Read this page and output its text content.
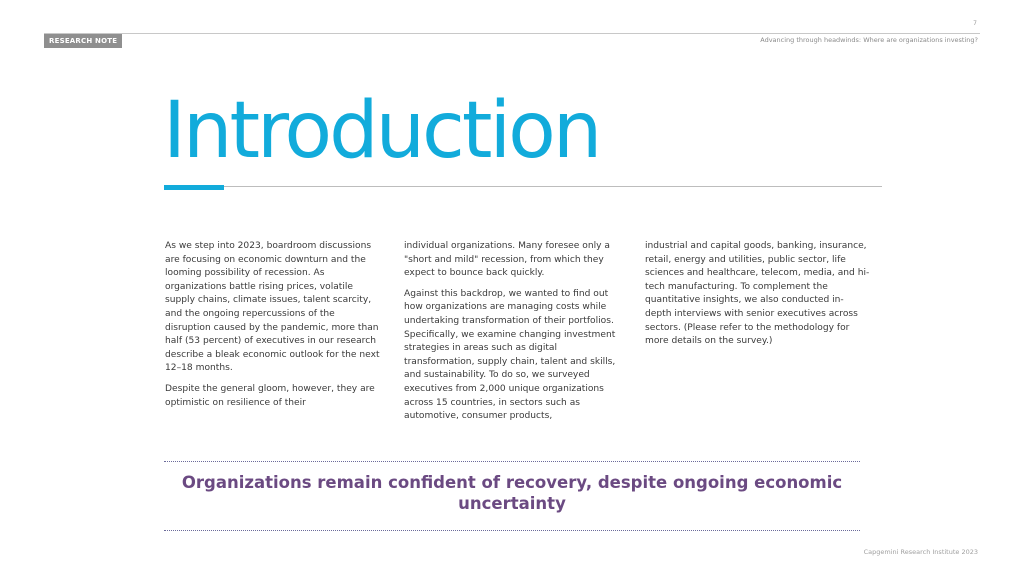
7
RESEARCH NOTE	Advancing through headwinds: Where are organizations investing?
Introduction

As we step into 2023, boardroom discussions are focusing on economic downturn and the looming possibility of recession. As organizations battle rising prices, volatile supply chains, climate issues, talent scarcity, and the ongoing repercussions of the disruption caused by the pandemic, more than half (53 percent) of executives in our research describe a bleak economic outlook for the next 12–18 months.

Despite the general gloom, however, they are optimistic on resilience of their

individual organizations. Many foresee only a "short and mild" recession, from which they expect to bounce back quickly.

Against this backdrop, we wanted to find out how organizations are managing costs while undertaking transformation of their portfolios. Specifically, we examine changing investment strategies in areas such as digital transformation, supply chain, talent and skills, and sustainability. To do so, we surveyed executives from 2,000 unique organizations across 15 countries, in sectors such as automotive, consumer products,

industrial and capital goods, banking, insurance, retail, energy and utilities, public sector, life sciences and healthcare, telecom, media, and hi-tech manufacturing. To complement the quantitative insights, we also conducted in-depth interviews with senior executives across sectors. (Please refer to the methodology for more details on the survey.)

Organizations remain confident of recovery, despite ongoing economic uncertainty
Capgemini Research Institute 2023
